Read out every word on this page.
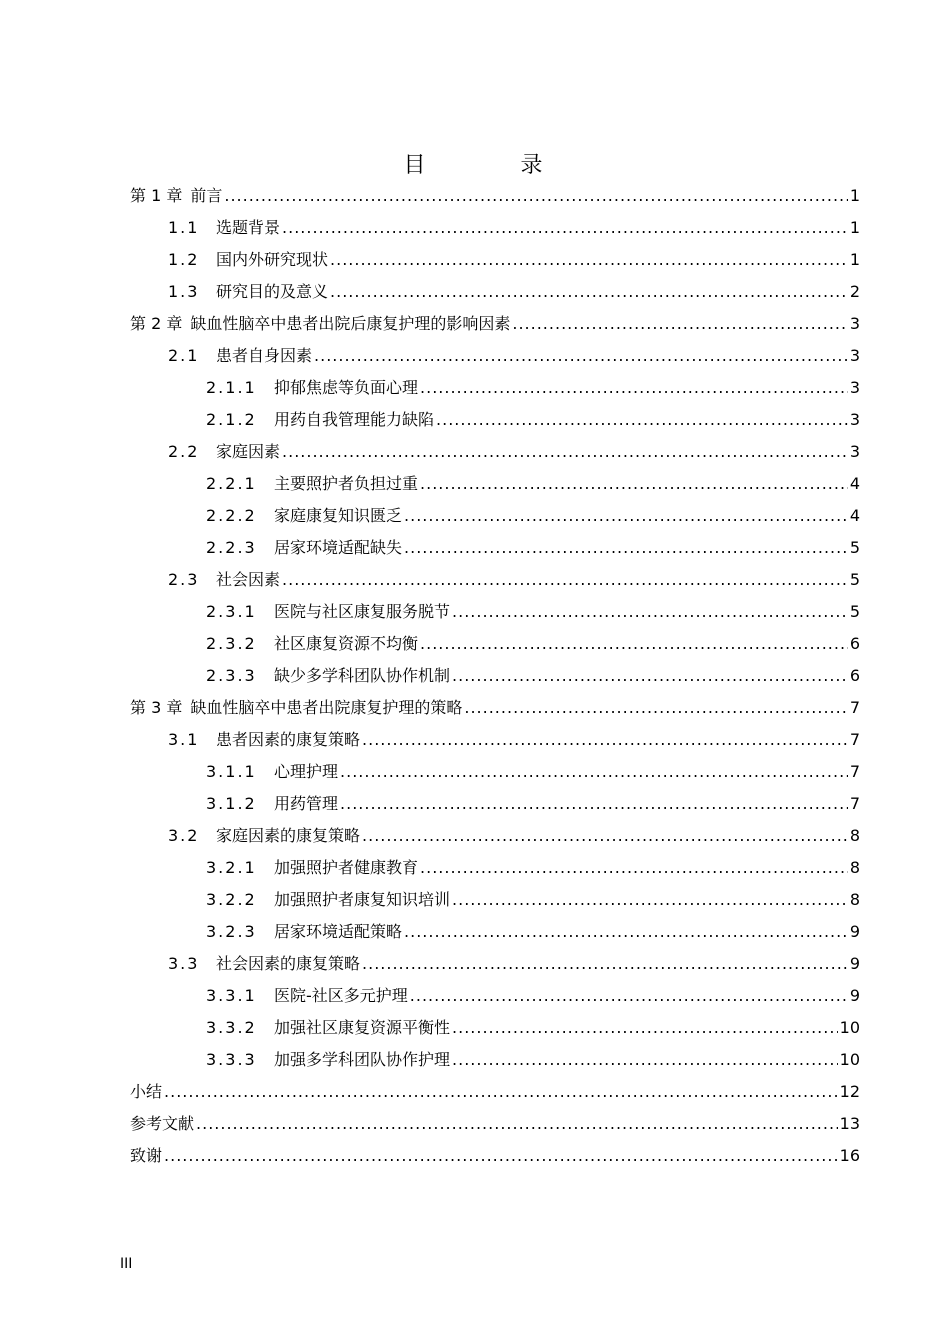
目 录
第 1 章 前言 .....	1
1.1	选题背景 .....	1
1.2	国内外研究现状 .....	1
1.3	研究目的及意义 .....	2
第 2 章 缺血性脑卒中患者出院后康复护理的影响因素 .....	3
2.1	患者自身因素 .....	3
2.1.1	抑郁焦虑等负面心理 .....	3
2.1.2	用药自我管理能力缺陷 .....	3
2.2	家庭因素 .....	3
2.2.1	主要照护者负担过重 .....	4
2.2.2	家庭康复知识匮乏 .....	4
2.2.3	居家环境适配缺失 .....	5
2.3	社会因素 .....	5
2.3.1	医院与社区康复服务脱节 .....	5
2.3.2	社区康复资源不均衡 .....	6
2.3.3	缺少多学科团队协作机制 .....	6
第 3 章 缺血性脑卒中患者出院康复护理的策略 .....	7
3.1	患者因素的康复策略 .....	7
3.1.1	心理护理 .....	7
3.1.2	用药管理 .....	7
3.2	家庭因素的康复策略 .....	8
3.2.1	加强照护者健康教育 .....	8
3.2.2	加强照护者康复知识培训 .....	8
3.2.3	居家环境适配策略 .....	9
3.3	社会因素的康复策略 .....	9
3.3.1	医院-社区多元护理 .....	9
3.3.2	加强社区康复资源平衡性 .....	10
3.3.3	加强多学科团队协作护理 .....	10
小结 .....	12
参考文献 .....	13
致谢 .....	16
III
